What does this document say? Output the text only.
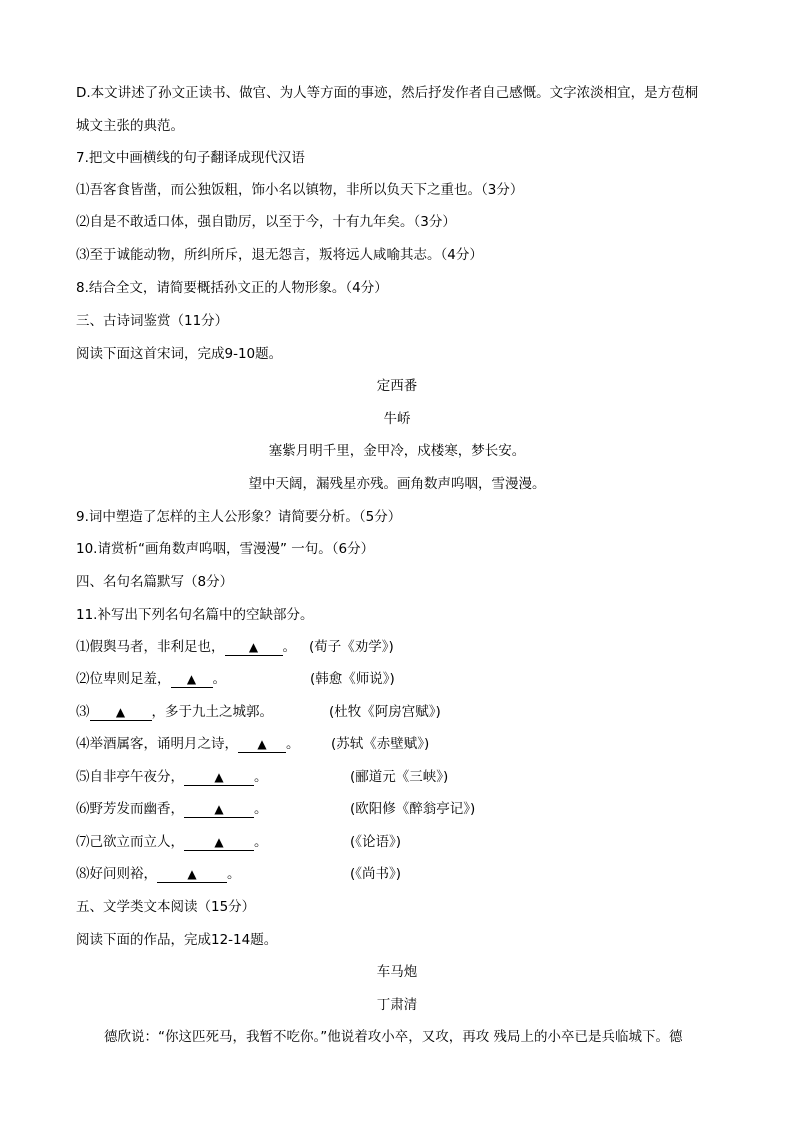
D.本文讲述了孙文正读书、做官、为人等方面的事迹，然后抒发作者自己感慨。文字浓淡相宜，是方苞桐
城文主张的典范。
7.把文中画横线的句子翻译成现代汉语
⑴吾客食皆凿，而公独饭粗，饰小名以镇物，非所以负天下之重也。（3分）
⑵自是不敢适口体，强自勖厉，以至于今，十有九年矣。（3分）
⑶至于诚能动物，所纠所斥，退无怨言，叛将远人咸喻其志。（4分）
8.结合全文，请简要概括孙文正的人物形象。（4分）
三、古诗词鉴赏（11分）
阅读下面这首宋词，完成9-10题。
定西番
牛峤
塞紫月明千里，金甲冷，戍楼寒，梦长安。
望中天阔，漏残星亦残。画角数声呜咽，雪漫漫。
9.词中塑造了怎样的主人公形象？请简要分析。（5分）
10.请赏析“画角数声呜咽，雪漫漫” 一句。（6分）
四、名句名篇默写（8分）
11.补写出下列名句名篇中的空缺部分。
⑴假舆马者，非利足也， ▲ 。 (荀子《劝学》)
⑵位卑则足羞， ▲ 。	(韩愈《师说》)
⑶ ▲ ，多于九土之城郭。	(杜牧《阿房宫赋》)
⑷举酒属客，诵明月之诗， ▲ 。	(苏轼《赤壁赋》)
⑸自非亭午夜分，	▲ 。	(郦道元《三峡》)
⑹野芳发而幽香，	▲ 。	(欧阳修《醉翁亭记》)
⑺己欲立而立人，	▲ 。	(《论语》)
⑻好问则裕，	▲ 。	(《尚书》)
五、文学类文本阅读（15分）
阅读下面的作品，完成12-14题。
车马炮
丁肃清
德欣说：“你这匹死马，我暂不吃你。”他说着攻小卒，又攻，再攻 残局上的小卒已是兵临城下。德
